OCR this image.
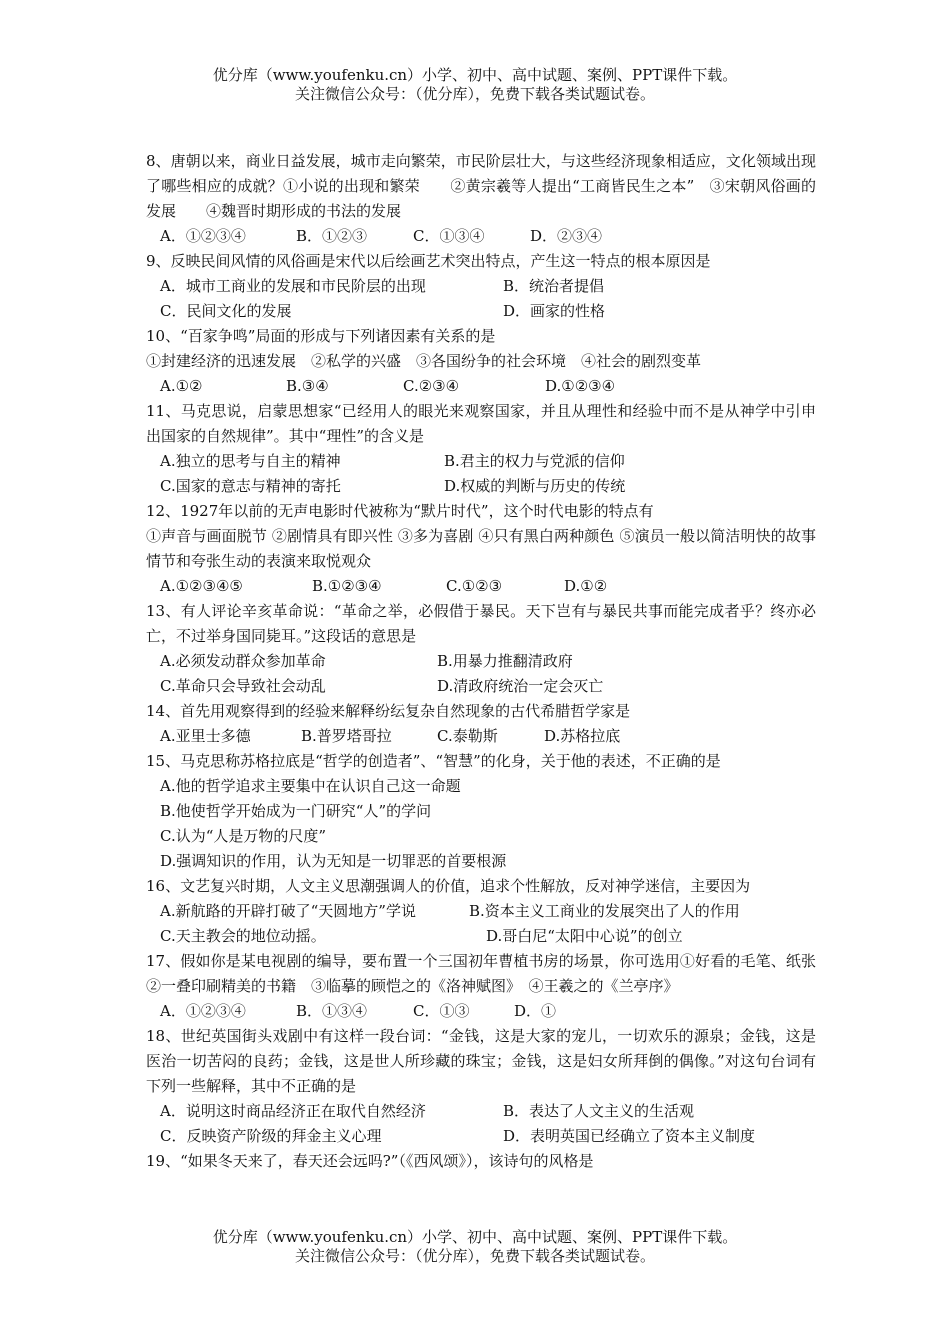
优分库（www.youfenku.cn）小学、初中、高中试题、案例、PPT课件下载。
关注微信公众号：（优分库），免费下载各类试题试卷。
8、唐朝以来，商业日益发展，城市走向繁荣，市民阶层壮大，与这些经济现象相适应，文化领域出现了哪些相应的成就？①小说的出现和繁荣　　②黄宗羲等人提出“工商皆民生之本”　③宋朝风俗画的发展　　④魏晋时期形成的书法的发展
A．①②③④	B．①②③	C．①③④	D．②③④
9、反映民间风情的风俗画是宋代以后绘画艺术突出特点，产生这一特点的根本原因是
A．城市工商业的发展和市民阶层的出现	B．统治者提倡
C．民间文化的发展	D．画家的性格
10、“百家争鸣”局面的形成与下列诸因素有关系的是
①封建经济的迅速发展　②私学的兴盛　③各国纷争的社会环境　④社会的剧烈变革
A.①②	B.③④	C.②③④	D.①②③④
11、马克思说，启蒙思想家“已经用人的眼光来观察国家，并且从理性和经验中而不是从神学中引申出国家的自然规律”。其中“理性”的含义是
A.独立的思考与自主的精神	B.君主的权力与党派的信仰
C.国家的意志与精神的寄托	D.权威的判断与历史的传统
12、1927年以前的无声电影时代被称为“默片时代”，这个时代电影的特点有
①声音与画面脱节 ②剧情具有即兴性 ③多为喜剧 ④只有黑白两种颜色 ⑤演员一般以简洁明快的故事情节和夸张生动的表演来取悦观众
A.①②③④⑤	B.①②③④	C.①②③	D.①②
13、有人评论辛亥革命说：“革命之举，必假借于暴民。天下岂有与暴民共事而能完成者乎？终亦必亡，不过举身国同毙耳。”这段话的意思是
A.必须发动群众参加革命	B.用暴力推翻清政府
C.革命只会导致社会动乱	D.清政府统治一定会灭亡
14、首先用观察得到的经验来解释纷纭复杂自然现象的古代希腊哲学家是
A.亚里士多德	B.普罗塔哥拉	C.泰勒斯	D.苏格拉底
15、马克思称苏格拉底是“哲学的创造者”、“智慧”的化身，关于他的表述，不正确的是
A.他的哲学追求主要集中在认识自己这一命题
B.他使哲学开始成为一门研究“人”的学问
C.认为“人是万物的尺度”
D.强调知识的作用，认为无知是一切罪恶的首要根源
16、文艺复兴时期，人文主义思潮强调人的价值，追求个性解放，反对神学迷信，主要因为
A.新航路的开辟打破了“天圆地方”学说	B.资本主义工商业的发展突出了人的作用
C.天主教会的地位动摇。	D.哥白尼“太阳中心说”的创立
17、假如你是某电视剧的编导，要布置一个三国初年曹植书房的场景，你可选用①好看的毛笔、纸张 ②一叠印刷精美的书籍　③临摹的顾恺之的《洛神赋图》　④王羲之的《兰亭序》
A．①②③④	B．①③④	C．①③	D．①
18、世纪英国街头戏剧中有这样一段台词：“金钱，这是大家的宠儿，一切欢乐的源泉；金钱，这是医治一切苦闷的良药；金钱，这是世人所珍藏的珠宝；金钱，这是妇女所拜倒的偶像。”对这句台词有下列一些解释，其中不正确的是
A．说明这时商品经济正在取代自然经济	B．表达了人文主义的生活观
C．反映资产阶级的拜金主义心理	D．表明英国已经确立了资本主义制度
19、“如果冬天来了，春天还会远吗?”（《西风颂》），该诗句的风格是
优分库（www.youfenku.cn）小学、初中、高中试题、案例、PPT课件下载。
关注微信公众号：（优分库），免费下载各类试题试卷。
